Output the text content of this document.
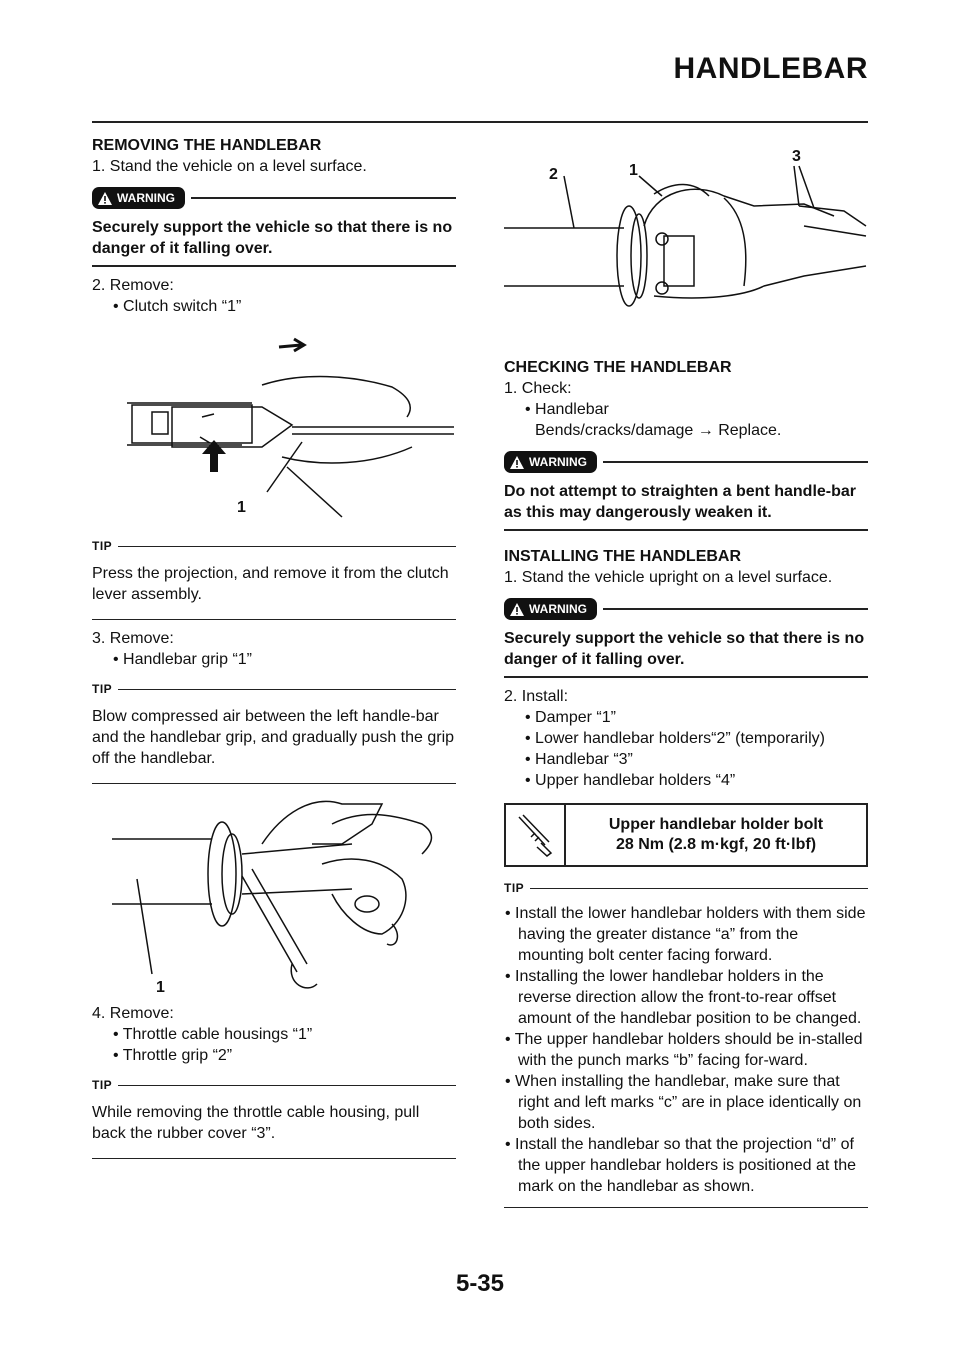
HANDLEBAR

REMOVING THE HANDLEBAR

1. Stand the vehicle on a level surface.

WARNING

Securely support the vehicle so that there is no danger of it falling over.

2. Remove:

• Clutch switch “1”

1
TIP

Press the projection, and remove it from the clutch lever assembly.

3. Remove:

• Handlebar grip “1”

TIP

Blow compressed air between the left handle-bar and the handlebar grip, and gradually push the grip off the handlebar.

1

4. Remove:

• Throttle cable housings “1”

• Throttle grip “2”

TIP

While removing the throttle cable housing, pull back the rubber cover “3”.

1
2
3

CHECKING THE HANDLEBAR

1. Check:

• Handlebar

Bends/cracks/damage → Replace.

WARNING

Do not attempt to straighten a bent handle-bar as this may dangerously weaken it.

INSTALLING THE HANDLEBAR

1. Stand the vehicle upright on a level surface.

WARNING

Securely support the vehicle so that there is no danger of it falling over.

2. Install:

• Damper “1”

• Lower handlebar holders“2” (temporarily)

• Handlebar “3”

• Upper handlebar holders “4”

Upper handlebar holder bolt
28 Nm (2.8 m·kgf, 20 ft·lbf)
TIP
• Install the lower handlebar holders with them side having the greater distance “a” from the mounting bolt center facing forward.
• Installing the lower handlebar holders in the reverse direction allow the front-to-rear offset amount of the handlebar position to be changed.
• The upper handlebar holders should be in-stalled with the punch marks “b” facing for-ward.
• When installing the handlebar, make sure that right and left marks “c” are in place identically on both sides.
• Install the handlebar so that the projection “d” of the upper handlebar holders is positioned at the mark on the handlebar as shown.
5-35
